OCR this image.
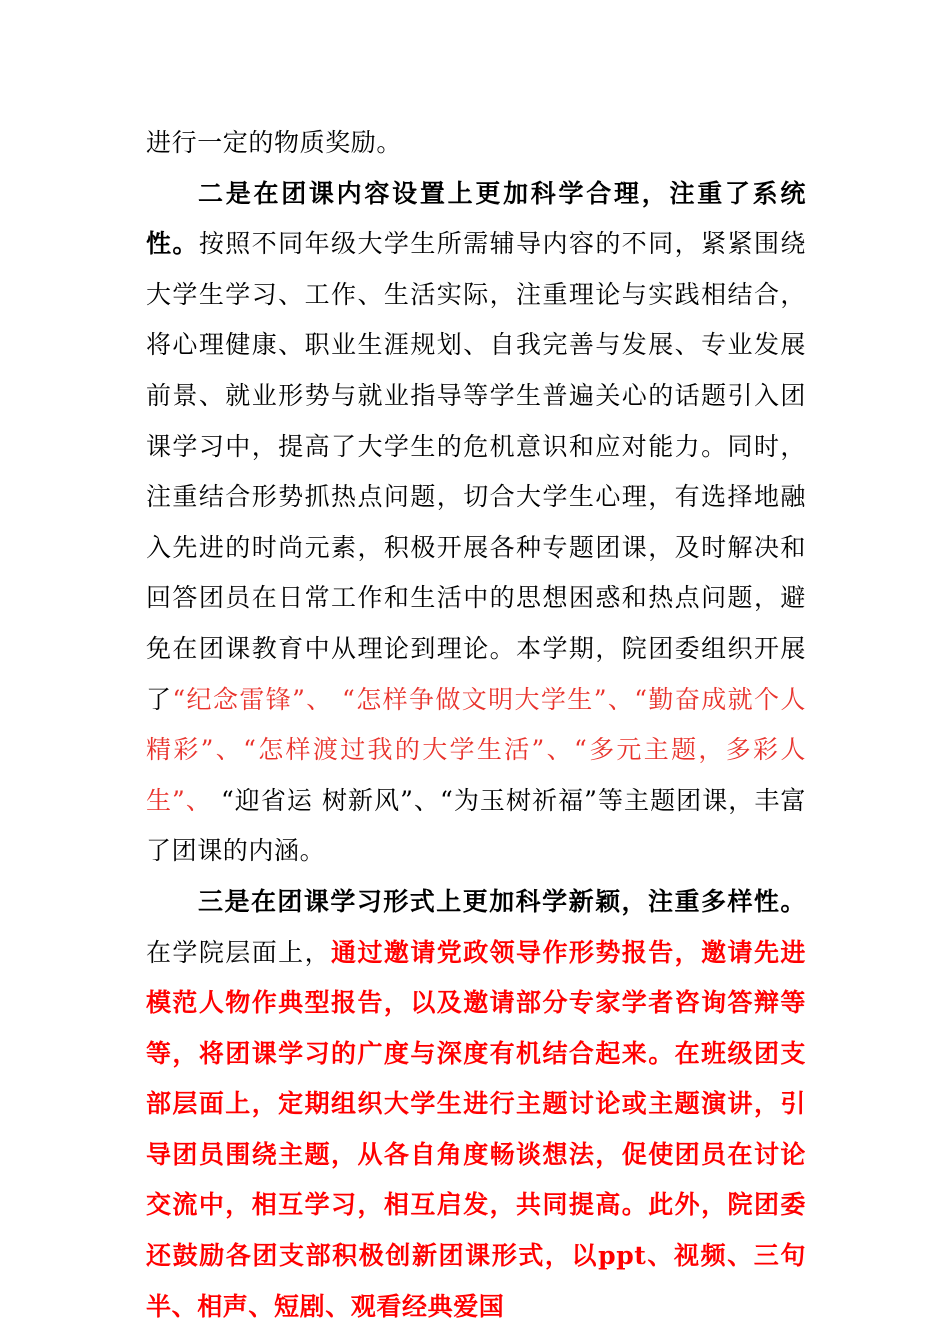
进行一定的物质奖励。

二是在团课内容设置上更加科学合理，注重了系统性。按照不同年级大学生所需辅导内容的不同，紧紧围绕大学生学习、工作、生活实际，注重理论与实践相结合，将心理健康、职业生涯规划、自我完善与发展、专业发展前景、就业形势与就业指导等学生普遍关心的话题引入团课学习中，提高了大学生的危机意识和应对能力。同时，注重结合形势抓热点问题，切合大学生心理，有选择地融入先进的时尚元素，积极开展各种专题团课，及时解决和回答团员在日常工作和生活中的思想困惑和热点问题，避免在团课教育中从理论到理论。本学期，院团委组织开展了“纪念雷锋”、 “怎样争做文明大学生”、“勤奋成就个人精彩”、“怎样渡过我的大学生活”、“多元主题，多彩人生”、 “迎省运 树新风”、“为玉树祈福”等主题团课，丰富了团课的内涵。

三是在团课学习形式上更加科学新颖，注重多样性。在学院层面上，通过邀请党政领导作形势报告，邀请先进模范人物作典型报告，以及邀请部分专家学者咨询答辩等等，将团课学习的广度与深度有机结合起来。在班级团支部层面上，定期组织大学生进行主题讨论或主题演讲，引导团员围绕主题，从各自角度畅谈想法，促使团员在讨论交流中，相互学习，相互启发，共同提高。此外，院团委还鼓励各团支部积极创新团课形式，以ppt、视频、三句半、相声、短剧、观看经典爱国
